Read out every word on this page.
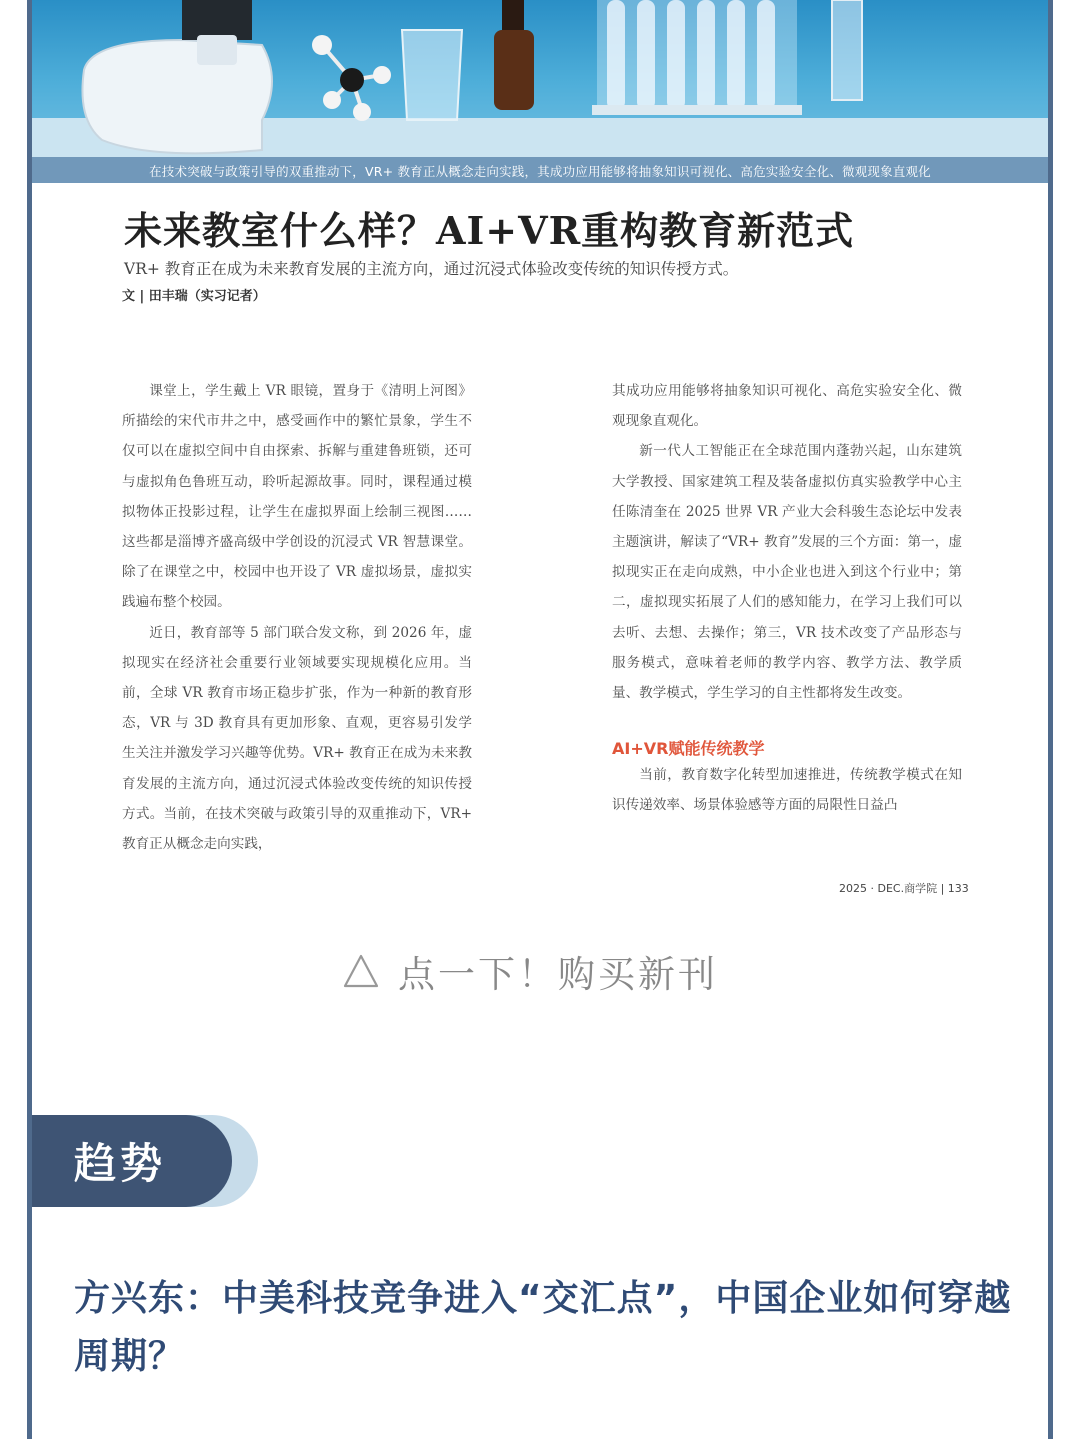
在技术突破与政策引导的双重推动下，VR+ 教育正从概念走向实践，其成功应用能够将抽象知识可视化、高危实验安全化、微观现象直观化
未来教室什么样？AI+VR重构教育新范式
VR+ 教育正在成为未来教育发展的主流方向，通过沉浸式体验改变传统的知识传授方式。
文 | 田丰瑞（实习记者）

课堂上，学生戴上 VR 眼镜，置身于《清明上河图》所描绘的宋代市井之中，感受画作中的繁忙景象，学生不仅可以在虚拟空间中自由探索、拆解与重建鲁班锁，还可与虚拟角色鲁班互动，聆听起源故事。同时，课程通过模拟物体正投影过程，让学生在虚拟界面上绘制三视图……这些都是淄博齐盛高级中学创设的沉浸式 VR 智慧课堂。除了在课堂之中，校园中也开设了 VR 虚拟场景，虚拟实践遍布整个校园。

近日，教育部等 5 部门联合发文称，到 2026 年，虚拟现实在经济社会重要行业领域要实现规模化应用。当前，全球 VR 教育市场正稳步扩张，作为一种新的教育形态，VR 与 3D 教育具有更加形象、直观，更容易引发学生关注并激发学习兴趣等优势。VR+ 教育正在成为未来教育发展的主流方向，通过沉浸式体验改变传统的知识传授方式。当前，在技术突破与政策引导的双重推动下，VR+ 教育正从概念走向实践，

其成功应用能够将抽象知识可视化、高危实验安全化、微观现象直观化。

新一代人工智能正在全球范围内蓬勃兴起，山东建筑大学教授、国家建筑工程及装备虚拟仿真实验教学中心主任陈清奎在 2025 世界 VR 产业大会科骏生态论坛中发表主题演讲，解读了“VR+ 教育”发展的三个方面：第一，虚拟现实正在走向成熟，中小企业也进入到这个行业中；第二，虚拟现实拓展了人们的感知能力，在学习上我们可以去听、去想、去操作；第三，VR 技术改变了产品形态与服务模式，意味着老师的教学内容、教学方法、教学质量、教学模式，学生学习的自主性都将发生改变。

AI+VR赋能传统教学

当前，教育数字化转型加速推进，传统教学模式在知识传递效率、场景体验感等方面的局限性日益凸

2025 · DEC.商学院 | 133
点一下！购买新刊
趋势
方兴东：中美科技竞争进入“交汇点”，中国企业如何穿越周期？
